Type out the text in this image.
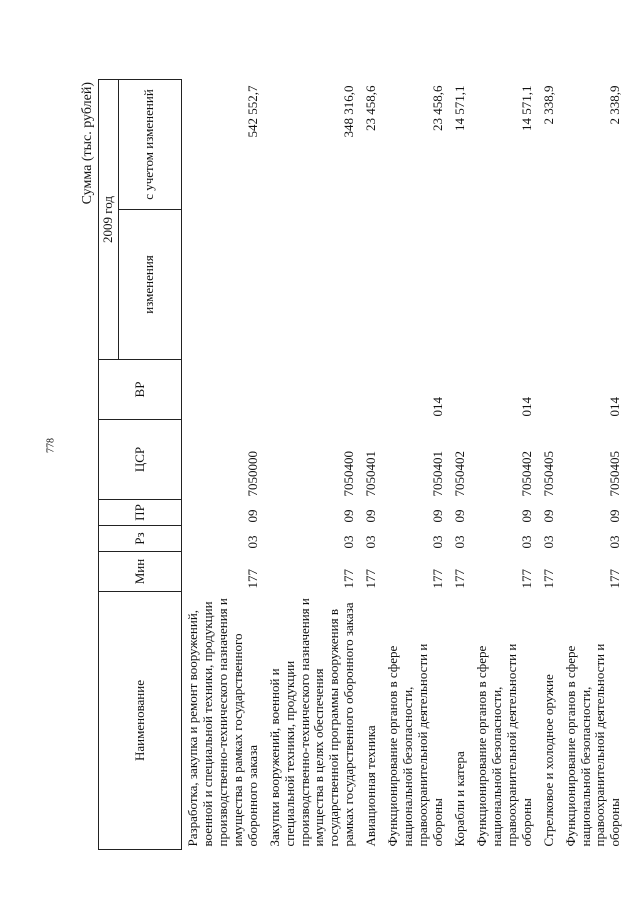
778
Сумма (тыс. рублей)
Наименование	Мин	Рз	ПР	ЦСР	ВР	2009 год	
						изменения	с учетом изменений
Разработка, закупка и ремонт вооружений, военной и специальной техники, продукции производственно-технического назначения и имущества в рамках государственного оборонного заказа	177	03	09	7050000			542 552,7
Закупки вооружений, военной и специальной техники, продукции производственно-технического назначения и имущества в целях обеспечения государственной программы вооружения в рамках государственного оборонного заказа	177	03	09	7050400			348 316,0
Авиационная техника	177	03	09	7050401			23 458,6
Функционирование органов в сфере национальной безопасности, правоохранительной деятельности и обороны	177	03	09	7050401	014		23 458,6
Корабли и катера	177	03	09	7050402			14 571,1
Функционирование органов в сфере национальной безопасности, правоохранительной деятельности и обороны	177	03	09	7050402	014		14 571,1
Стрелковое и холодное оружие	177	03	09	7050405			2 338,9
Функционирование органов в сфере национальной безопасности, правоохранительной деятельности и обороны	177	03	09	7050405	014		2 338,9
